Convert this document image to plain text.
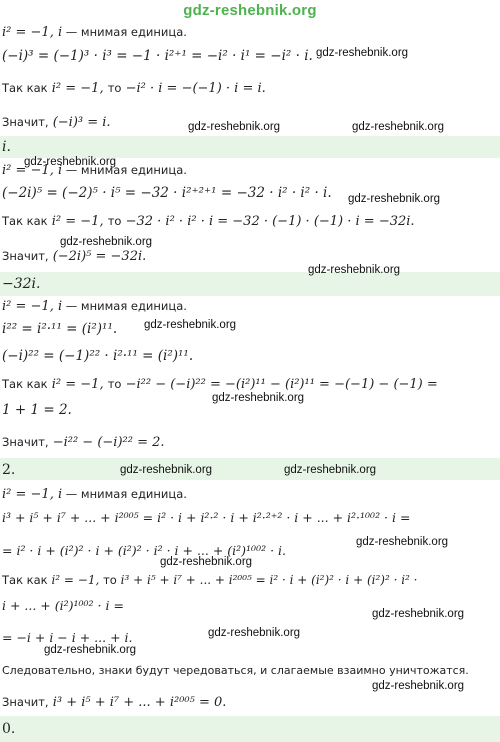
gdz-reshebnik.org
i² = −1, i — мнимая единица.
(−i)³ = (−1)³ · i³ = −1 · i²⁺¹ = −i² · i¹ = −i² · i.
Так как i² = −1, то −i² · i = −(−1) · i = i.
Значит, (−i)³ = i.
i.
i² = −1, i — мнимая единица.
(−2i)⁵ = (−2)⁵ · i⁵ = −32 · i²⁺²⁺¹ = −32 · i² · i² · i.
Так как i² = −1, то −32 · i² · i² · i = −32 · (−1) · (−1) · i = −32i.
Значит, (−2i)⁵ = −32i.
−32i.
i² = −1, i — мнимая единица.
i²² = i²·¹¹ = (i²)¹¹.
(−i)²² = (−1)²² · i²·¹¹ = (i²)¹¹.
Так как i² = −1, то −i²² − (−i)²² = −(i²)¹¹ − (i²)¹¹ = −(−1) − (−1) =
1 + 1 = 2.
Значит, −i²² − (−i)²² = 2.
2.
i² = −1, i — мнимая единица.
i³ + i⁵ + i⁷ + ... + i²⁰⁰⁵ = i² · i + i²·² · i + i²·²⁺² · i + ... + i²·¹⁰⁰² · i =
= i² · i + (i²)² · i + (i²)² · i² · i + ... + (i²)¹⁰⁰² · i.
Так как i² = −1, то i³ + i⁵ + i⁷ + ... + i²⁰⁰⁵ = i² · i + (i²)² · i + (i²)² · i² ·
i + ... + (i²)¹⁰⁰² · i =
= −i + i − i + ... + i.
Следовательно, знаки будут чередоваться, и слагаемые взаимно уничтожатся.
Значит, i³ + i⁵ + i⁷ + ... + i²⁰⁰⁵ = 0.
0.
gdz-reshebnik.org
gdz-reshebnik.org	gdz-reshebnik.org
gdz-reshebnik.org
gdz-reshebnik.org
gdz-reshebnik.org
gdz-reshebnik.org
gdz-reshebnik.org
gdz-reshebnik.org
gdz-reshebnik.org	gdz-reshebnik.org
gdz-reshebnik.org
gdz-reshebnik.org
gdz-reshebnik.org
gdz-reshebnik.org
gdz-reshebnik.org
gdz-reshebnik.org
